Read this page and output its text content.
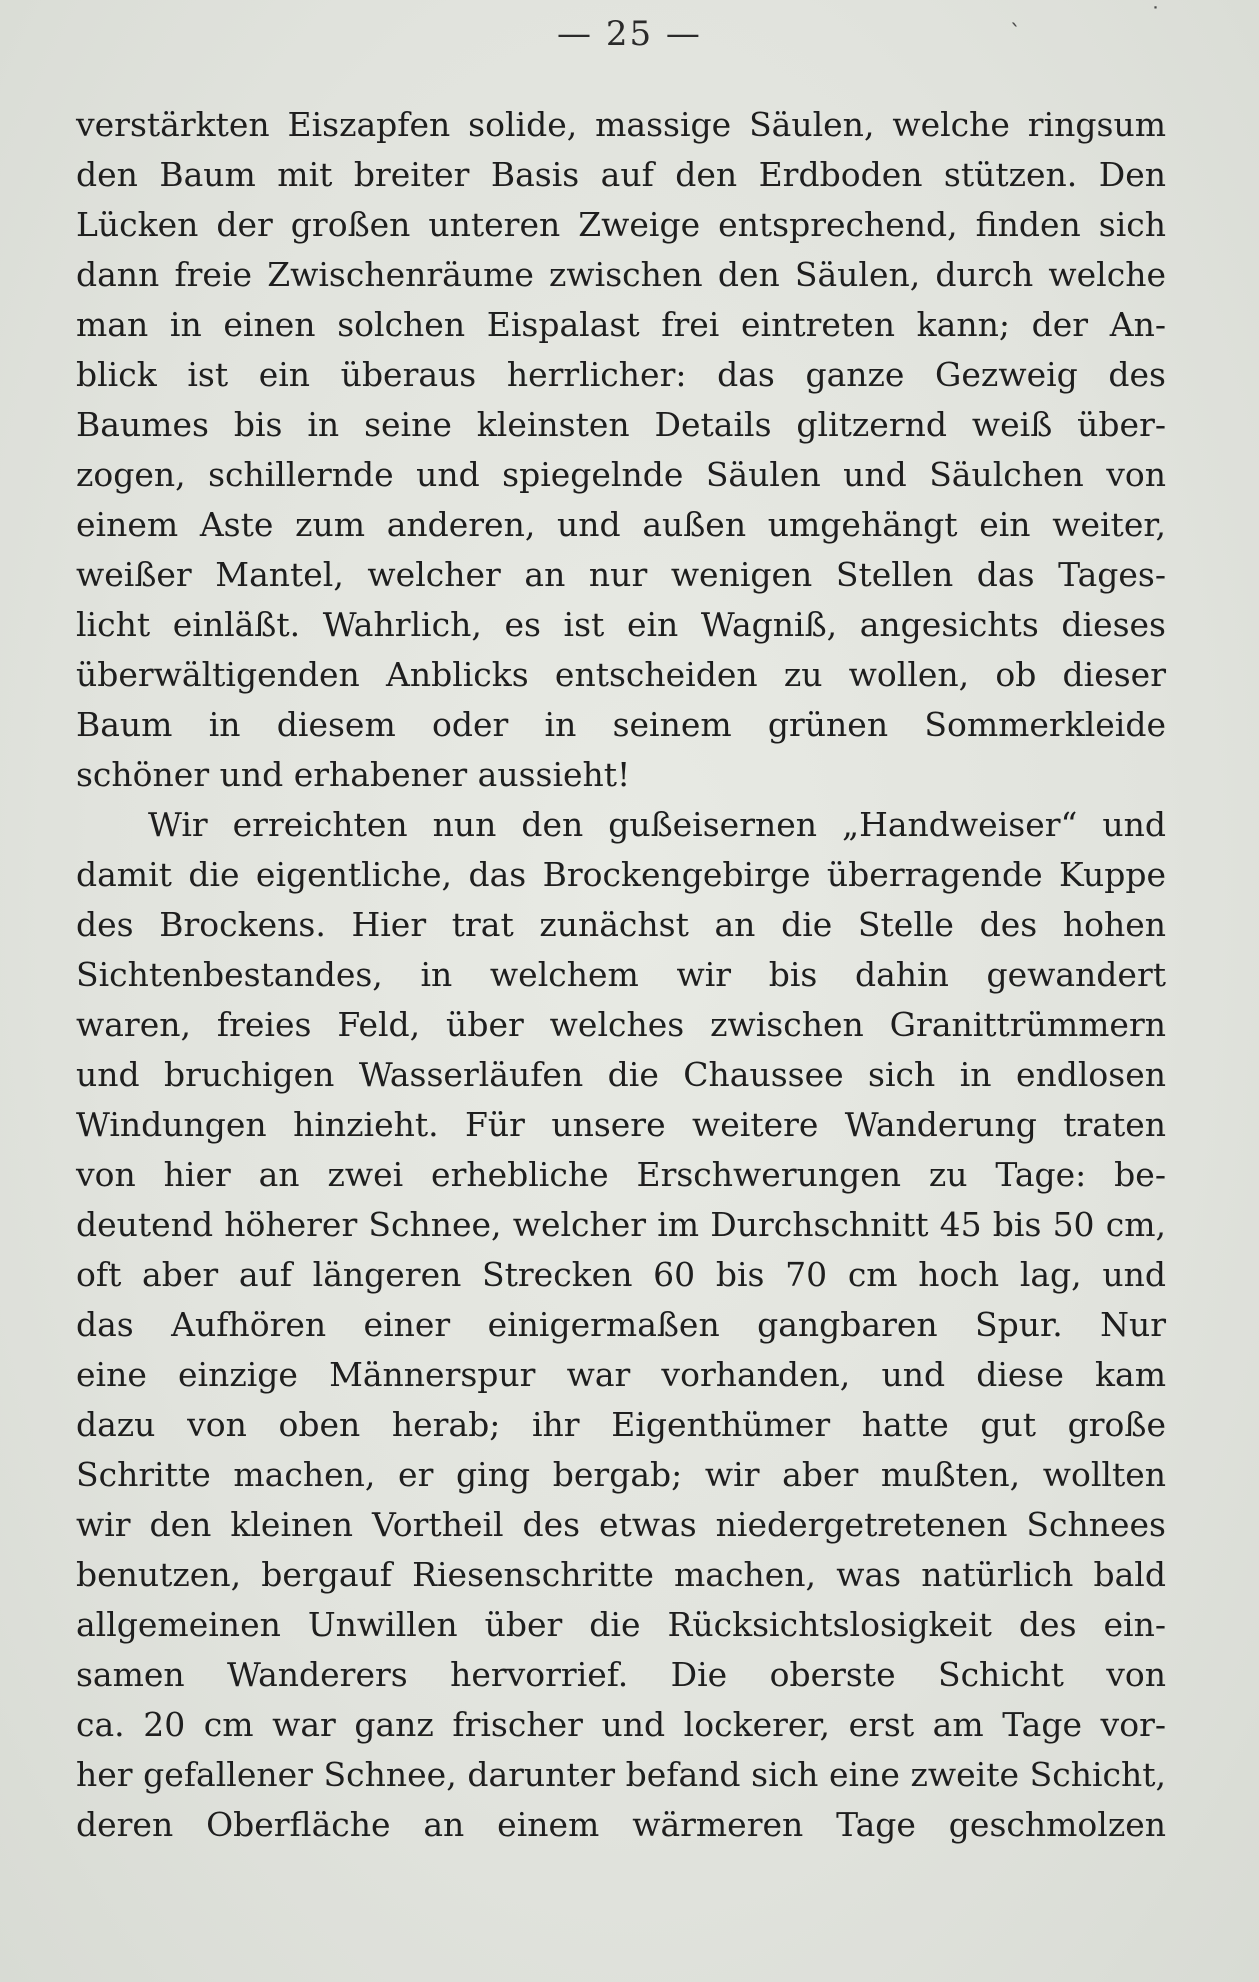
ˎ	˙
— 25 —
verstärkten Eiszapfen solide, massige Säulen, welche ringsum
den Baum mit breiter Basis auf den Erdboden stützen. Den
Lücken der großen unteren Zweige entsprechend, finden sich
dann freie Zwischenräume zwischen den Säulen, durch welche
man in einen solchen Eispalast frei eintreten kann; der An-
blick ist ein überaus herrlicher: das ganze Gezweig des
Baumes bis in seine kleinsten Details glitzernd weiß über-
zogen, schillernde und spiegelnde Säulen und Säulchen von
einem Aste zum anderen, und außen umgehängt ein weiter,
weißer Mantel, welcher an nur wenigen Stellen das Tages-
licht einläßt. Wahrlich, es ist ein Wagniß, angesichts dieses
überwältigenden Anblicks entscheiden zu wollen, ob dieser
Baum in diesem oder in seinem grünen Sommerkleide
schöner und erhabener aussieht!
Wir erreichten nun den gußeisernen „Handweiser“ und
damit die eigentliche, das Brockengebirge überragende Kuppe
des Brockens. Hier trat zunächst an die Stelle des hohen
Sichtenbestandes, in welchem wir bis dahin gewandert
waren, freies Feld, über welches zwischen Granittrümmern
und bruchigen Wasserläufen die Chaussee sich in endlosen
Windungen hinzieht. Für unsere weitere Wanderung traten
von hier an zwei erhebliche Erschwerungen zu Tage: be-
deutend höherer Schnee, welcher im Durchschnitt 45 bis 50 cm,
oft aber auf längeren Strecken 60 bis 70 cm hoch lag, und
das Aufhören einer einigermaßen gangbaren Spur. Nur
eine einzige Männerspur war vorhanden, und diese kam
dazu von oben herab; ihr Eigenthümer hatte gut große
Schritte machen, er ging bergab; wir aber mußten, wollten
wir den kleinen Vortheil des etwas niedergetretenen Schnees
benutzen, bergauf Riesenschritte machen, was natürlich bald
allgemeinen Unwillen über die Rücksichtslosigkeit des ein-
samen Wanderers hervorrief. Die oberste Schicht von
ca. 20 cm war ganz frischer und lockerer, erst am Tage vor-
her gefallener Schnee, darunter befand sich eine zweite Schicht,
deren Oberfläche an einem wärmeren Tage geschmolzen
